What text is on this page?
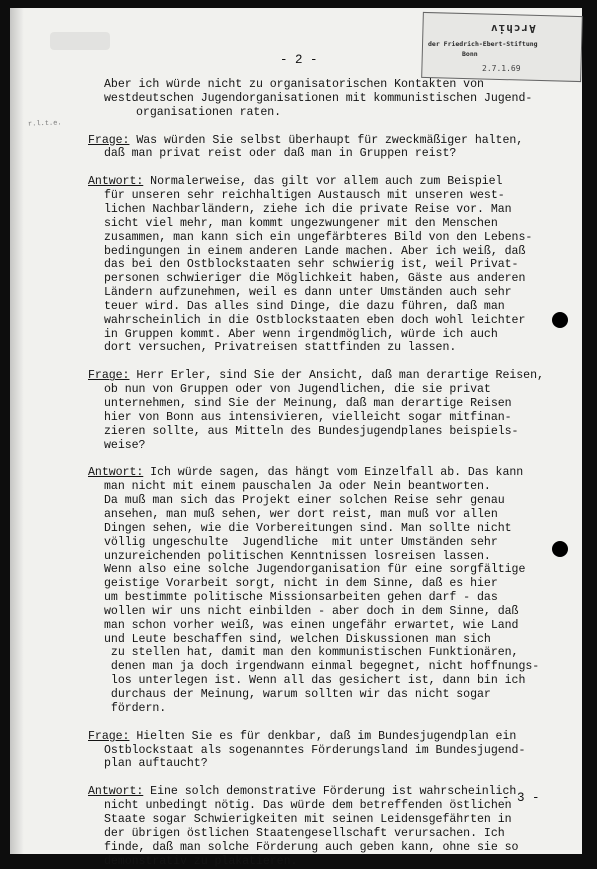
Archiv
der Friedrich-Ebert-Stiftung
Bonn
2.7.1.69
- 2 -
r.l.t.e.
Aber ich würde nicht zu organisatorischen Kontakten von
westdeutschen Jugendorganisationen mit kommunistischen Jugend-
organisationen raten.
Frage: Was würden Sie selbst überhaupt für zweckmäßiger halten,
daß man privat reist oder daß man in Gruppen reist?
Antwort: Normalerweise, das gilt vor allem auch zum Beispiel
für unseren sehr reichhaltigen Austausch mit unseren west-
lichen Nachbarländern, ziehe ich die private Reise vor. Man
sicht viel mehr, man kommt ungezwungener mit den Menschen
zusammen, man kann sich ein ungefärbteres Bild von den Lebens-
bedingungen in einem anderen Lande machen. Aber ich weiß, daß
das bei den Ostblockstaaten sehr schwierig ist, weil Privat-
personen schwieriger die Möglichkeit haben, Gäste aus anderen
Ländern aufzunehmen, weil es dann unter Umständen auch sehr
teuer wird. Das alles sind Dinge, die dazu führen, daß man
wahrscheinlich in die Ostblockstaaten eben doch wohl leichter
in Gruppen kommt. Aber wenn irgendmöglich, würde ich auch
dort versuchen, Privatreisen stattfinden zu lassen.
Frage: Herr Erler, sind Sie der Ansicht, daß man derartige Reisen,
ob nun von Gruppen oder von Jugendlichen, die sie privat
unternehmen, sind Sie der Meinung, daß man derartige Reisen
hier von Bonn aus intensivieren, vielleicht sogar mitfinan-
zieren sollte, aus Mitteln des Bundesjugendplanes beispiels-
weise?
Antwort: Ich würde sagen, das hängt vom Einzelfall ab. Das kann
man nicht mit einem pauschalen Ja oder Nein beantworten.
Da muß man sich das Projekt einer solchen Reise sehr genau
ansehen, man muß sehen, wer dort reist, man muß vor allen
Dingen sehen, wie die Vorbereitungen sind. Man sollte nicht
völlig ungeschulte  Jugendliche  mit unter Umständen sehr
unzureichenden politischen Kenntnissen losreisen lassen.
Wenn also eine solche Jugendorganisation für eine sorgfältige
geistige Vorarbeit sorgt, nicht in dem Sinne, daß es hier
um bestimmte politische Missionsarbeiten gehen darf - das
wollen wir uns nicht einbilden - aber doch in dem Sinne, daß
man schon vorher weiß, was einen ungefähr erwartet, wie Land
und Leute beschaffen sind, welchen Diskussionen man sich
zu stellen hat, damit man den kommunistischen Funktionären,
denen man ja doch irgendwann einmal begegnet, nicht hoffnungs-
los unterlegen ist. Wenn all das gesichert ist, dann bin ich
durchaus der Meinung, warum sollten wir das nicht sogar
fördern.
Frage: Hielten Sie es für denkbar, daß im Bundesjugendplan ein
Ostblockstaat als sogenanntes Förderungsland im Bundesjugend-
plan auftaucht?
Antwort: Eine solch demonstrative Förderung ist wahrscheinlich
nicht unbedingt nötig. Das würde dem betreffenden östlichen
Staate sogar Schwierigkeiten mit seinen Leidensgefährten in
der übrigen östlichen Staatengesellschaft verursachen. Ich
finde, daß man solche Förderung auch geben kann, ohne sie so
demonstrativ zu plakatieren.
- 3 -
